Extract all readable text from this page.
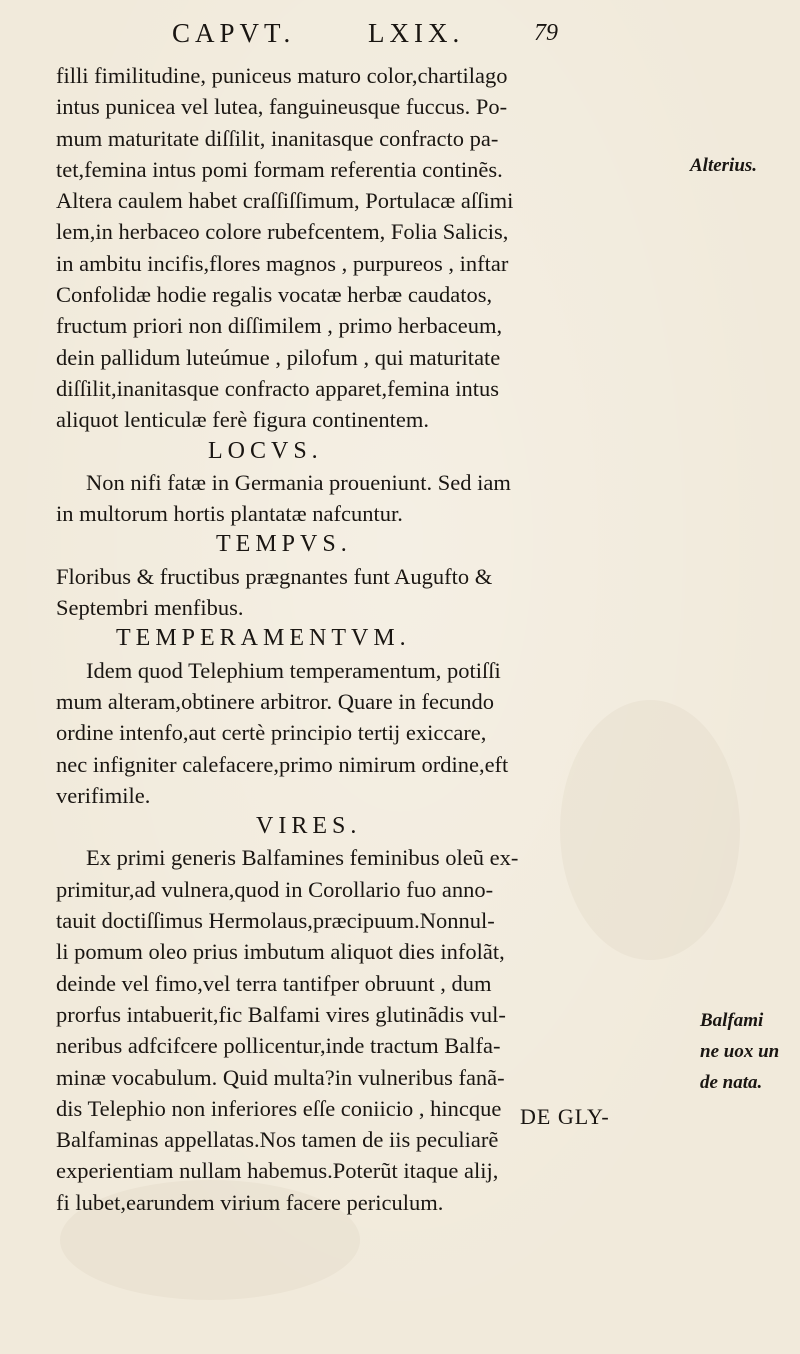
CAPVT.	LXIX.	79
filli fimilitudine, puniceus maturo color,chartilago
intus punicea vel lutea, fanguineusque fuccus. Po-
mum maturitate diſſilit, inanitasque confracto pa-
tet,femina intus pomi formam referentia continẽs.
Altera caulem habet craſſiſſimum, Portulacæ aſſimi
lem,in herbaceo colore rubefcentem, Folia Salicis,
in ambitu incifis,flores magnos , purpureos , inftar
Confolidæ hodie regalis vocatæ herbæ caudatos,
fructum priori non diſſimilem , primo herbaceum,
dein pallidum luteúmue , pilofum , qui maturitate
diſſilit,inanitasque confracto apparet,femina intus
aliquot lenticulæ ferè figura continentem.
LOCVS.
Non nifi fatæ in Germania proueniunt. Sed iam
in multorum hortis plantatæ nafcuntur.
TEMPVS.
Floribus & fructibus prægnantes funt Augufto &
Septembri menfibus.
TEMPERAMENTVM.
Idem quod Telephium temperamentum, potiſſi
mum alteram,obtinere arbitror. Quare in fecundo
ordine intenfo,aut certè principio tertij exiccare,
nec infigniter calefacere,primo nimirum ordine,eft
verifimile.
VIRES.
Ex primi generis Balfamines feminibus oleũ ex-
primitur,ad vulnera,quod in Corollario fuo anno-
tauit doctiſſimus Hermolaus,præcipuum.Nonnul-
li pomum oleo prius imbutum aliquot dies infolãt,
deinde vel fimo,vel terra tantifper obruunt , dum
prorfus intabuerit,fic Balfami vires glutinãdis vul-
neribus adfcifcere pollicentur,inde tractum Balfa-
minæ vocabulum. Quid multa?in vulneribus fanã-
dis Telephio non inferiores eſſe coniicio , hincque
Balfaminas appellatas.Nos tamen de iis peculiarẽ
experientiam nullam habemus.Poterũt itaque alij,
fi lubet,earundem virium facere periculum.
Alterius.
Balfami
ne uox un
de nata.
DE GLY-
